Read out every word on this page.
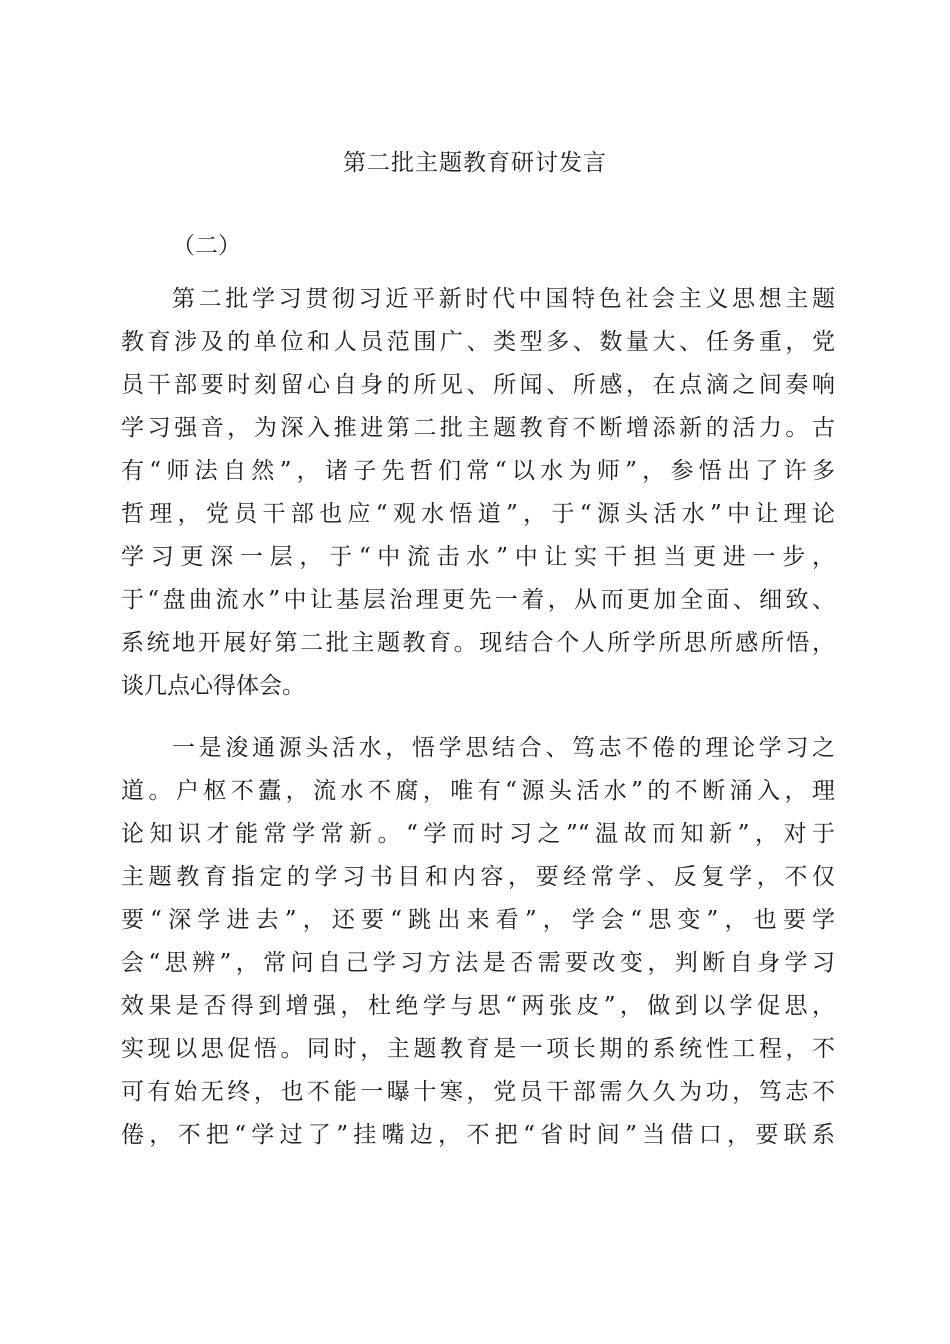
第二批主题教育研讨发言
（二）
第二批学习贯彻习近平新时代中国特色社会主义思想主题
教育涉及的单位和人员范围广、类型多、数量大、任务重，党
员干部要时刻留心自身的所见、所闻、所感，在点滴之间奏响
学习强音，为深入推进第二批主题教育不断增添新的活力。古
有“师法自然”，诸子先哲们常“以水为师”，参悟出了许多
哲理，党员干部也应“观水悟道”，于“源头活水”中让理论
学习更深一层，于“中流击水”中让实干担当更进一步，
于“盘曲流水”中让基层治理更先一着，从而更加全面、细致、
系统地开展好第二批主题教育。现结合个人所学所思所感所悟，
谈几点心得体会。
一是浚通源头活水，悟学思结合、笃志不倦的理论学习之
道。户枢不蠹，流水不腐，唯有“源头活水”的不断涌入，理
论知识才能常学常新。“学而时习之”“温故而知新”，对于
主题教育指定的学习书目和内容，要经常学、反复学，不仅
要“深学进去”，还要“跳出来看”，学会“思变”，也要学
会“思辨”，常问自己学习方法是否需要改变，判断自身学习
效果是否得到增强，杜绝学与思“两张皮”，做到以学促思，
实现以思促悟。同时，主题教育是一项长期的系统性工程，不
可有始无终，也不能一曝十寒，党员干部需久久为功，笃志不
倦，不把“学过了”挂嘴边，不把“省时间”当借口，要联系
